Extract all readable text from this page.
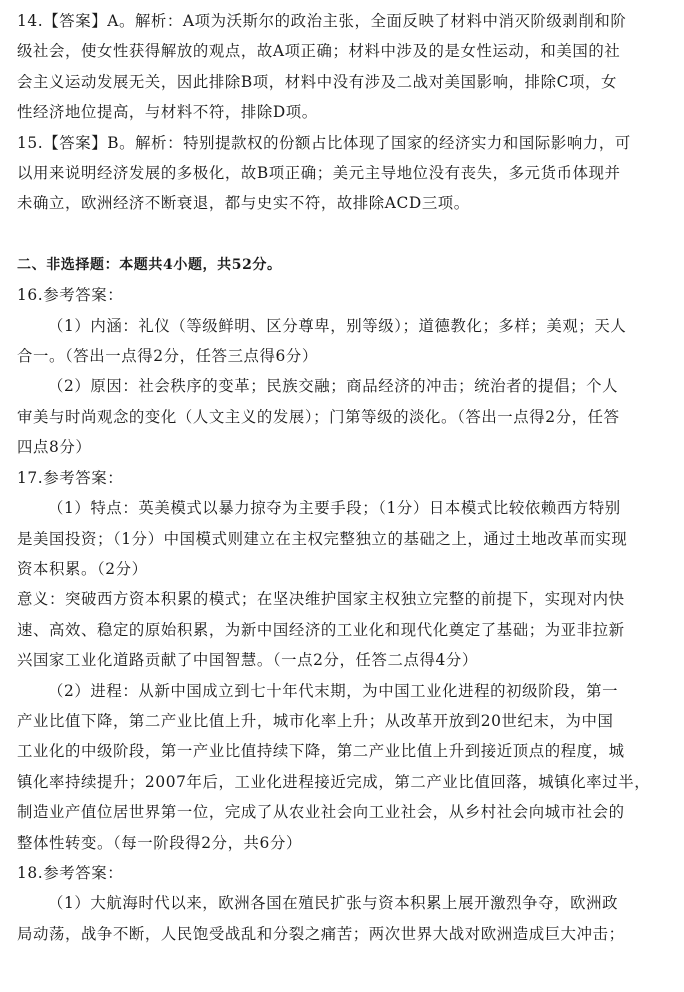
14.【答案】A。解析：A项为沃斯尔的政治主张，全面反映了材料中消灭阶级剥削和阶

级社会，使女性获得解放的观点，故A项正确；材料中涉及的是女性运动，和美国的社

会主义运动发展无关，因此排除B项，材料中没有涉及二战对美国影响，排除C项，女

性经济地位提高，与材料不符，排除D项。

15.【答案】B。解析：特别提款权的份额占比体现了国家的经济实力和国际影响力，可

以用来说明经济发展的多极化，故B项正确；美元主导地位没有丧失，多元货币体现并

未确立，欧洲经济不断衰退，都与史实不符，故排除ACD三项。

二、非选择题：本题共4小题，共52分。

16.参考答案：

（1）内涵：礼仪（等级鲜明、区分尊卑，别等级）；道德教化；多样；美观；天人

合一。（答出一点得2分，任答三点得6分）

（2）原因：社会秩序的变革；民族交融；商品经济的冲击；统治者的提倡；个人

审美与时尚观念的变化（人文主义的发展）；门第等级的淡化。（答出一点得2分，任答

四点8分）

17.参考答案：

（1）特点：英美模式以暴力掠夺为主要手段；（1分）日本模式比较依赖西方特别

是美国投资；（1分）中国模式则建立在主权完整独立的基础之上，通过土地改革而实现

资本积累。（2分）

意义：突破西方资本积累的模式；在坚决维护国家主权独立完整的前提下，实现对内快

速、高效、稳定的原始积累，为新中国经济的工业化和现代化奠定了基础；为亚非拉新

兴国家工业化道路贡献了中国智慧。（一点2分，任答二点得4分）

（2）进程：从新中国成立到七十年代末期，为中国工业化进程的初级阶段，第一

产业比值下降，第二产业比值上升，城市化率上升；从改革开放到20世纪末，为中国

工业化的中级阶段，第一产业比值持续下降，第二产业比值上升到接近顶点的程度，城

镇化率持续提升；2007年后，工业化进程接近完成，第二产业比值回落，城镇化率过半，

制造业产值位居世界第一位，完成了从农业社会向工业社会，从乡村社会向城市社会的

整体性转变。（每一阶段得2分，共6分）

18.参考答案：

（1）大航海时代以来，欧洲各国在殖民扩张与资本积累上展开激烈争夺，欧洲政

局动荡，战争不断，人民饱受战乱和分裂之痛苦；两次世界大战对欧洲造成巨大冲击；
